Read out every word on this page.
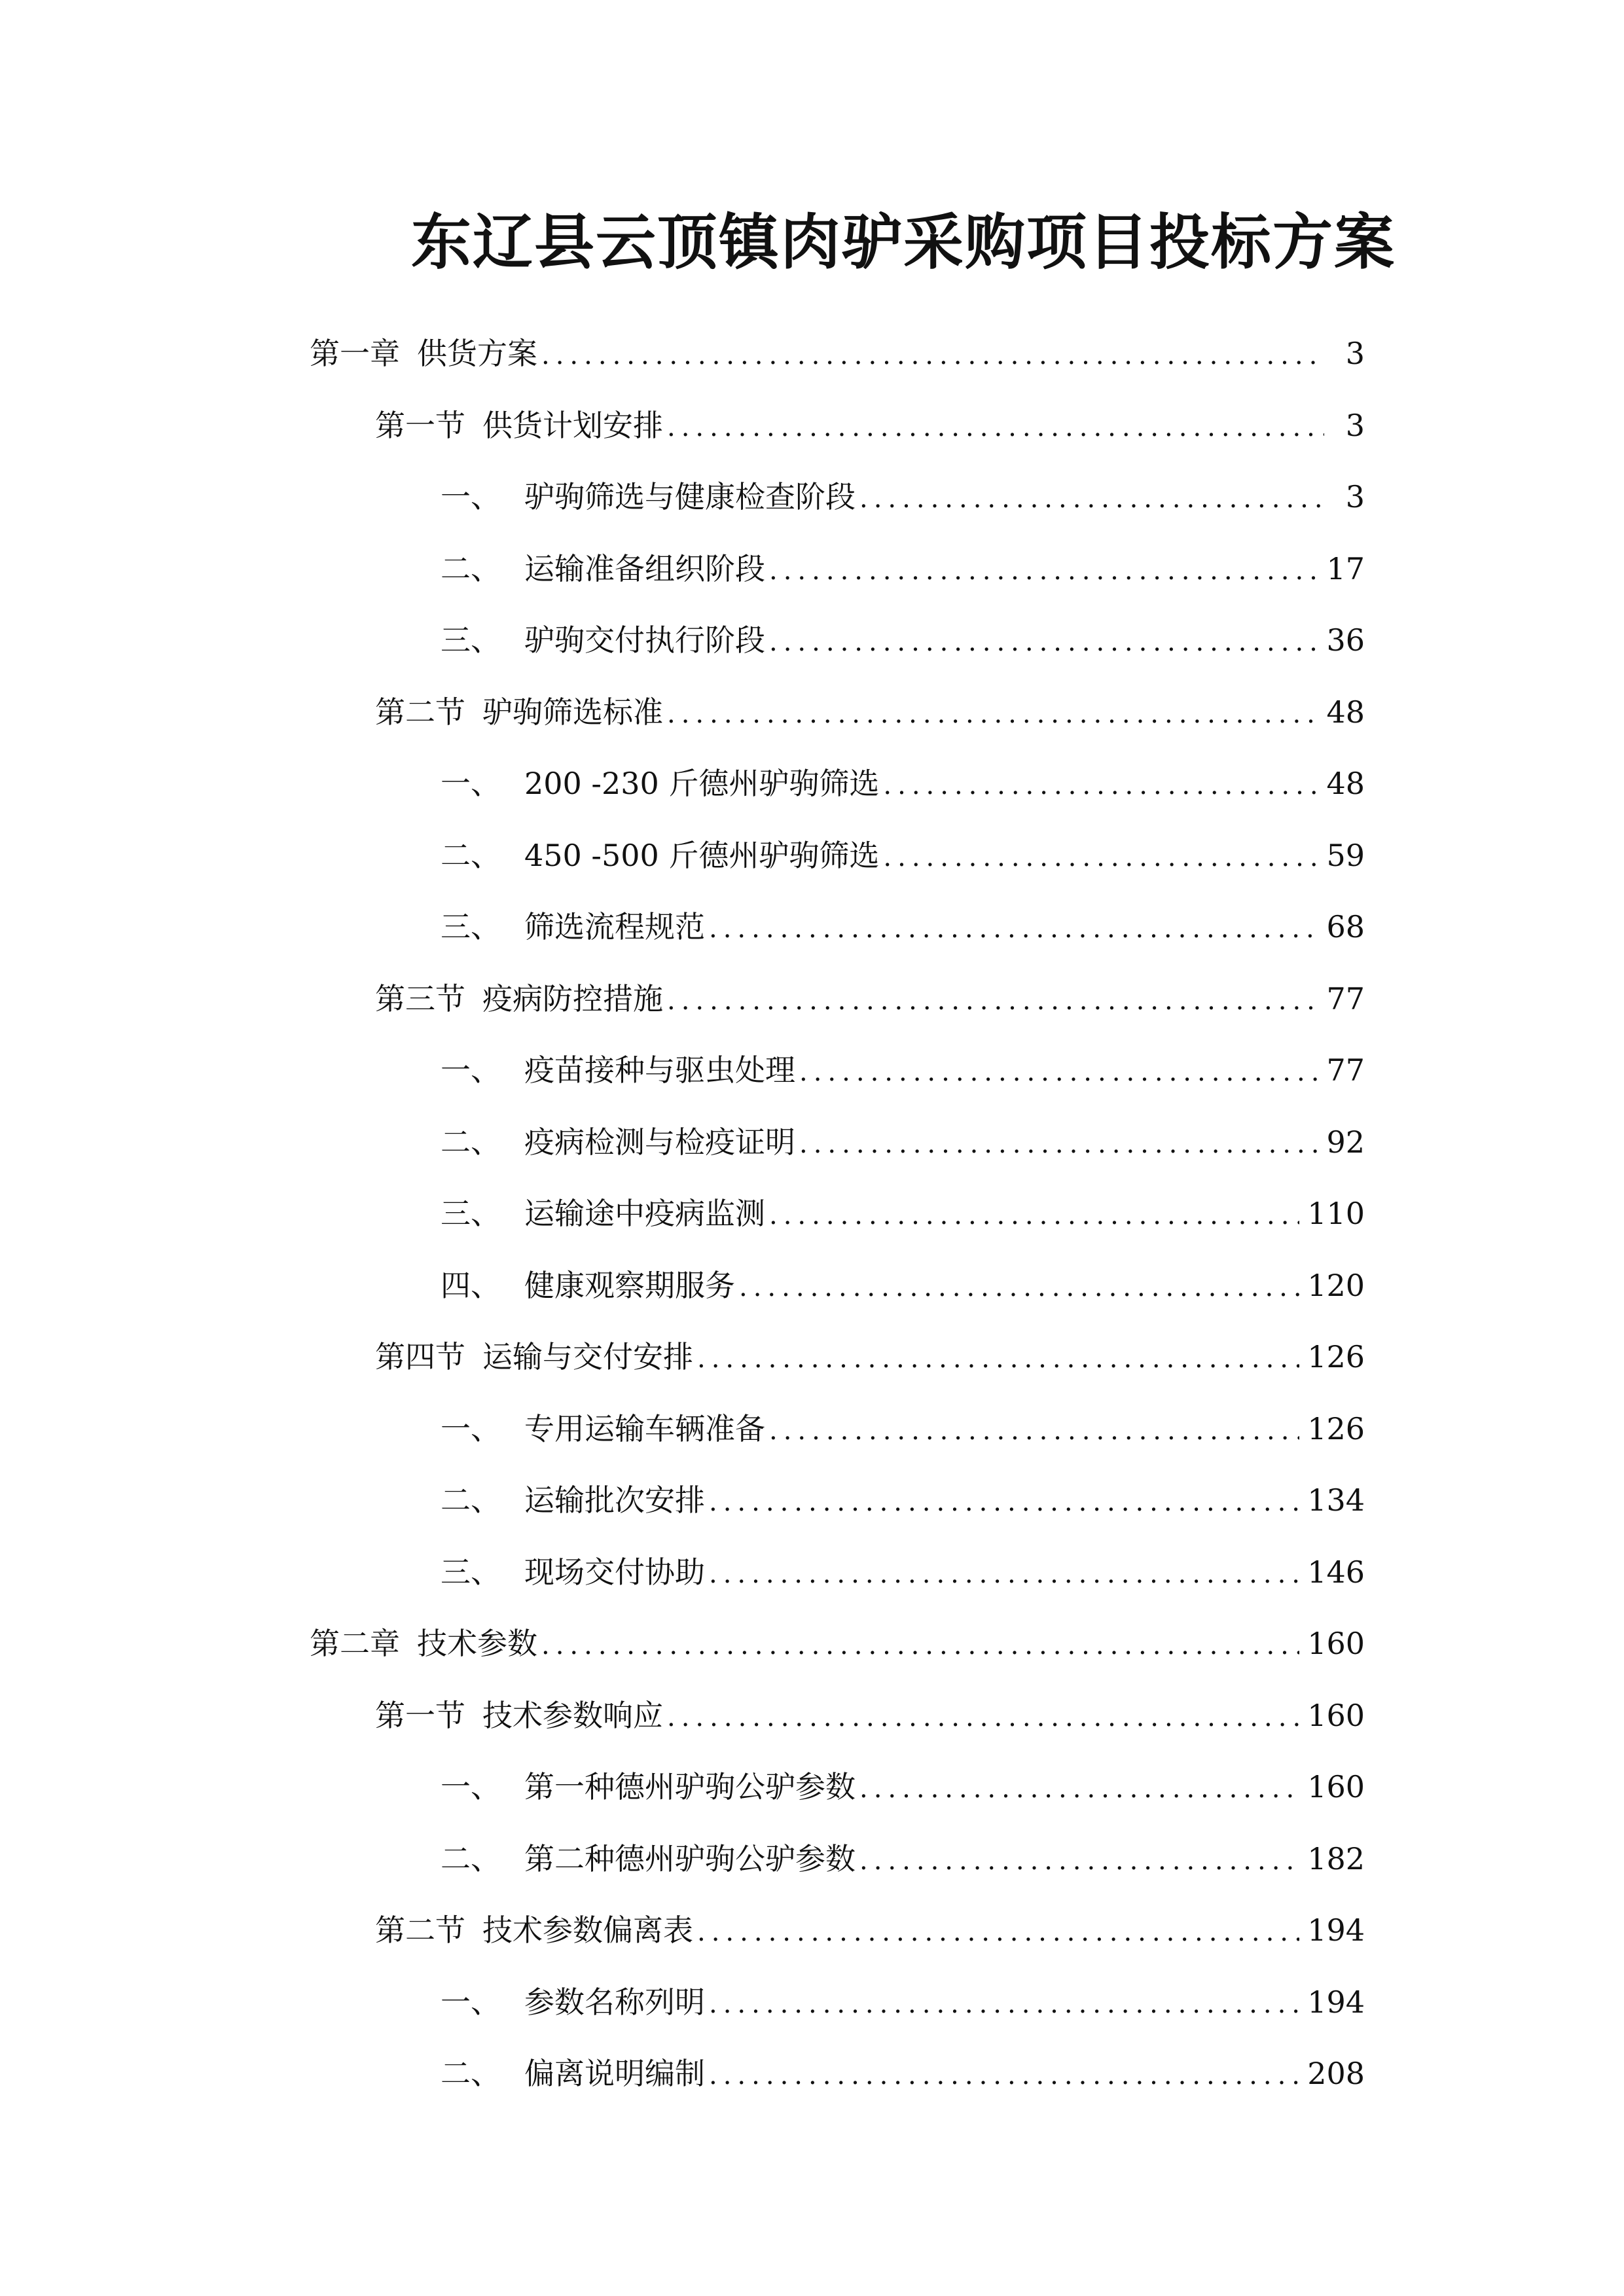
东辽县云顶镇肉驴采购项目投标方案
第一章 供货方案 .....	3
第一节 供货计划安排 .....	3
一、 驴驹筛选与健康检查阶段 .....	3
二、 运输准备组织阶段 .....	17
三、 驴驹交付执行阶段 .....	36
第二节 驴驹筛选标准 .....	48
一、 200 -230 斤德州驴驹筛选 .....	48
二、 450 -500 斤德州驴驹筛选 .....	59
三、 筛选流程规范 .....	68
第三节 疫病防控措施 .....	77
一、 疫苗接种与驱虫处理 .....	77
二、 疫病检测与检疫证明 .....	92
三、 运输途中疫病监测 .....	110
四、 健康观察期服务 .....	120
第四节 运输与交付安排 .....	126
一、 专用运输车辆准备 .....	126
二、 运输批次安排 .....	134
三、 现场交付协助 .....	146
第二章 技术参数 .....	160
第一节 技术参数响应 .....	160
一、 第一种德州驴驹公驴参数 .....	160
二、 第二种德州驴驹公驴参数 .....	182
第二节 技术参数偏离表 .....	194
一、 参数名称列明 .....	194
二、 偏离说明编制 .....	208
